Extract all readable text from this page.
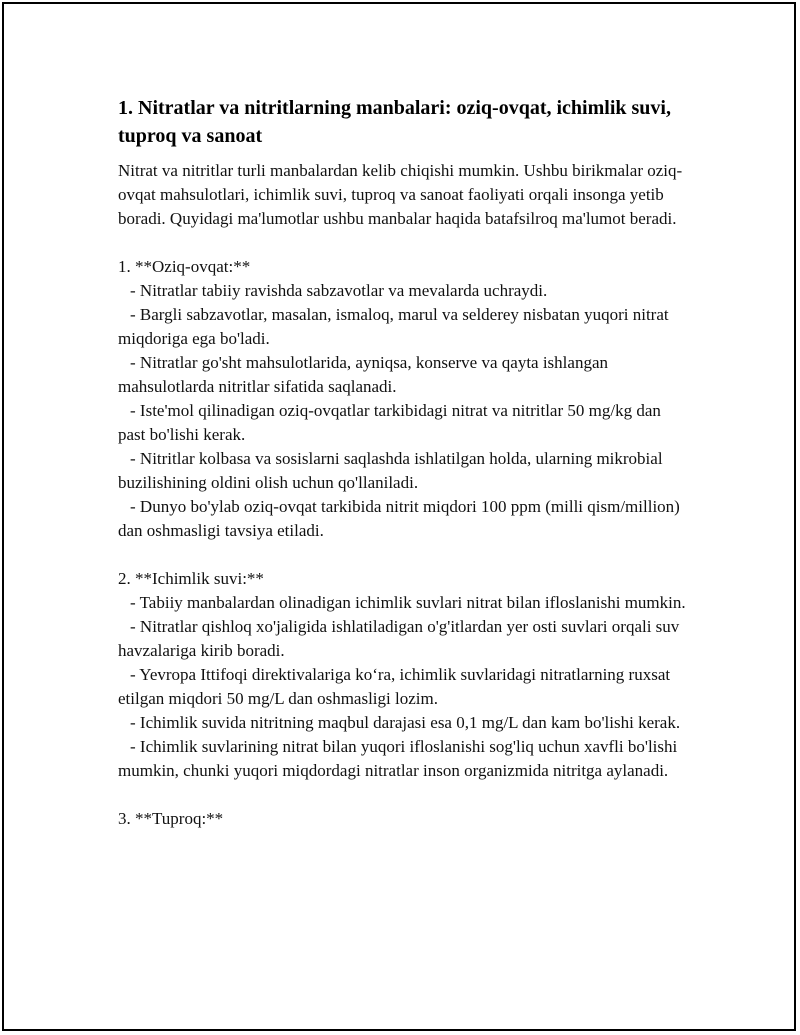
1. Nitratlar va nitritlarning manbalari: oziq-ovqat, ichimlik suvi, tuproq va sanoat

Nitrat va nitritlar turli manbalardan kelib chiqishi mumkin. Ushbu birikmalar oziq-ovqat mahsulotlari, ichimlik suvi, tuproq va sanoat faoliyati orqali insonga yetib boradi. Quyidagi ma'lumotlar ushbu manbalar haqida batafsilroq ma'lumot beradi.

1. **Oziq-ovqat:**

- Nitratlar tabiiy ravishda sabzavotlar va mevalarda uchraydi.

- Bargli sabzavotlar, masalan, ismaloq, marul va selderey nisbatan yuqori nitrat miqdoriga ega bo'ladi.

- Nitratlar go'sht mahsulotlarida, ayniqsa, konserve va qayta ishlangan mahsulotlarda nitritlar sifatida saqlanadi.

- Iste'mol qilinadigan oziq-ovqatlar tarkibidagi nitrat va nitritlar 50 mg/kg dan past bo'lishi kerak.

- Nitritlar kolbasa va sosislarni saqlashda ishlatilgan holda, ularning mikrobial buzilishining oldini olish uchun qo'llaniladi.

- Dunyo bo'ylab oziq-ovqat tarkibida nitrit miqdori 100 ppm (milli qism/million) dan oshmasligi tavsiya etiladi.

2. **Ichimlik suvi:**

- Tabiiy manbalardan olinadigan ichimlik suvlari nitrat bilan ifloslanishi mumkin.

- Nitratlar qishloq xo'jaligida ishlatiladigan o'g'itlardan yer osti suvlari orqali suv havzalariga kirib boradi.

- Yevropa Ittifoqi direktivalariga koʻra, ichimlik suvlaridagi nitratlarning ruxsat etilgan miqdori 50 mg/L dan oshmasligi lozim.

- Ichimlik suvida nitritning maqbul darajasi esa 0,1 mg/L dan kam bo'lishi kerak.

- Ichimlik suvlarining nitrat bilan yuqori ifloslanishi sog'liq uchun xavfli bo'lishi mumkin, chunki yuqori miqdordagi nitratlar inson organizmida nitritga aylanadi.

3. **Tuproq:**
